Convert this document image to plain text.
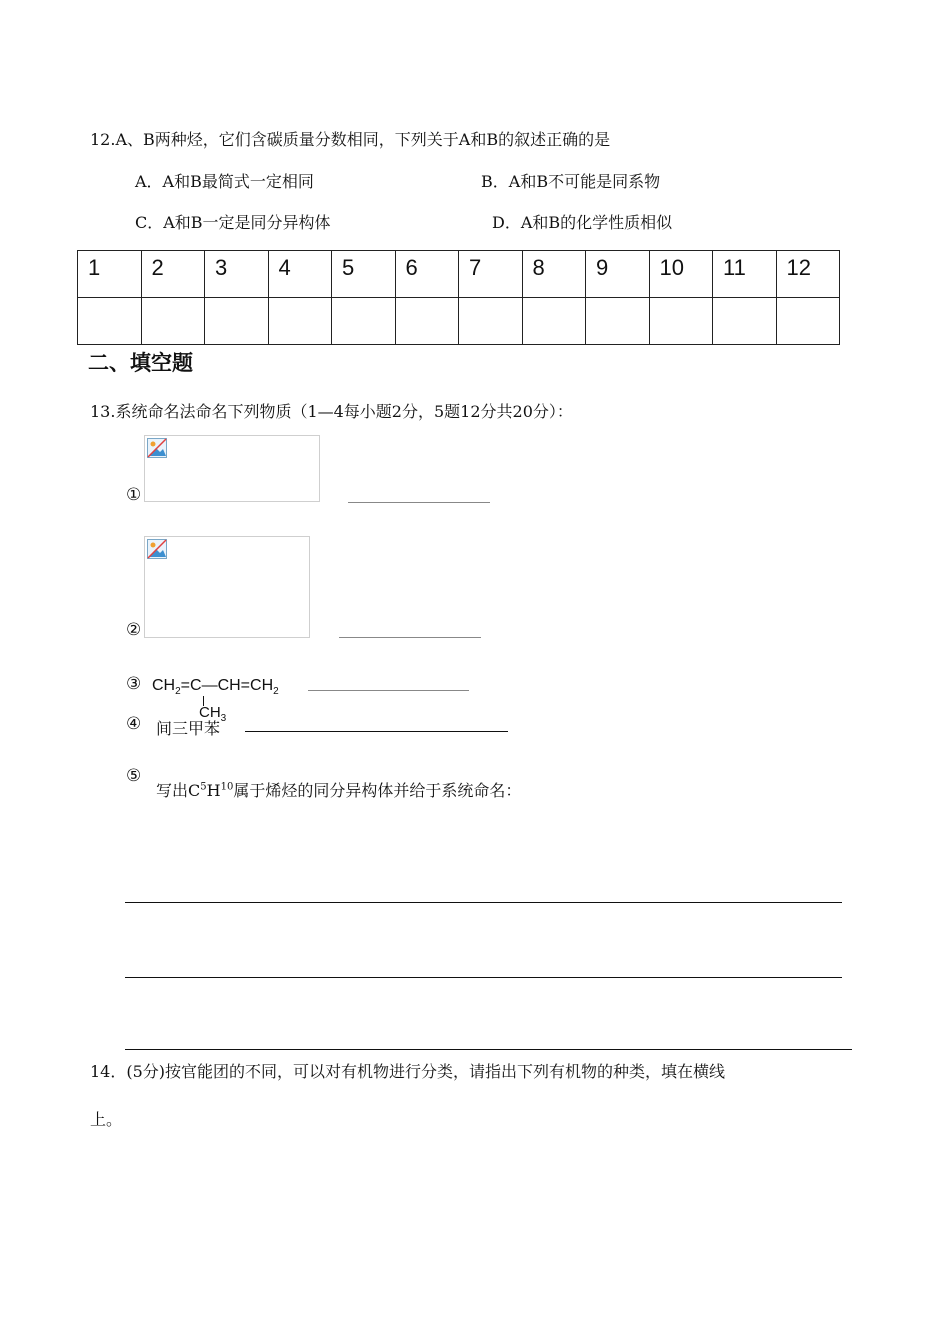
12.A、B两种烃，它们含碳质量分数相同，下列关于A和B的叙述正确的是
A．A和B最简式一定相同	B．A和B不可能是同系物
C．A和B一定是同分异构体	D．A和B的化学性质相似
1	2	3	4	5	6	7	8	9	10	11	12

二、填空题
13.系统命名法命名下列物质（1—4每小题2分，5题12分共20分）：
①
②
③ $CH_2=C—CH=CH_2$
$CH_3$
④ 间三甲苯
⑤
写出$C^5H^{10}$属于烯烃的同分异构体并给于系统命名：
14．(5分)按官能团的不同，可以对有机物进行分类，请指出下列有机物的种类，填在横线
上。
